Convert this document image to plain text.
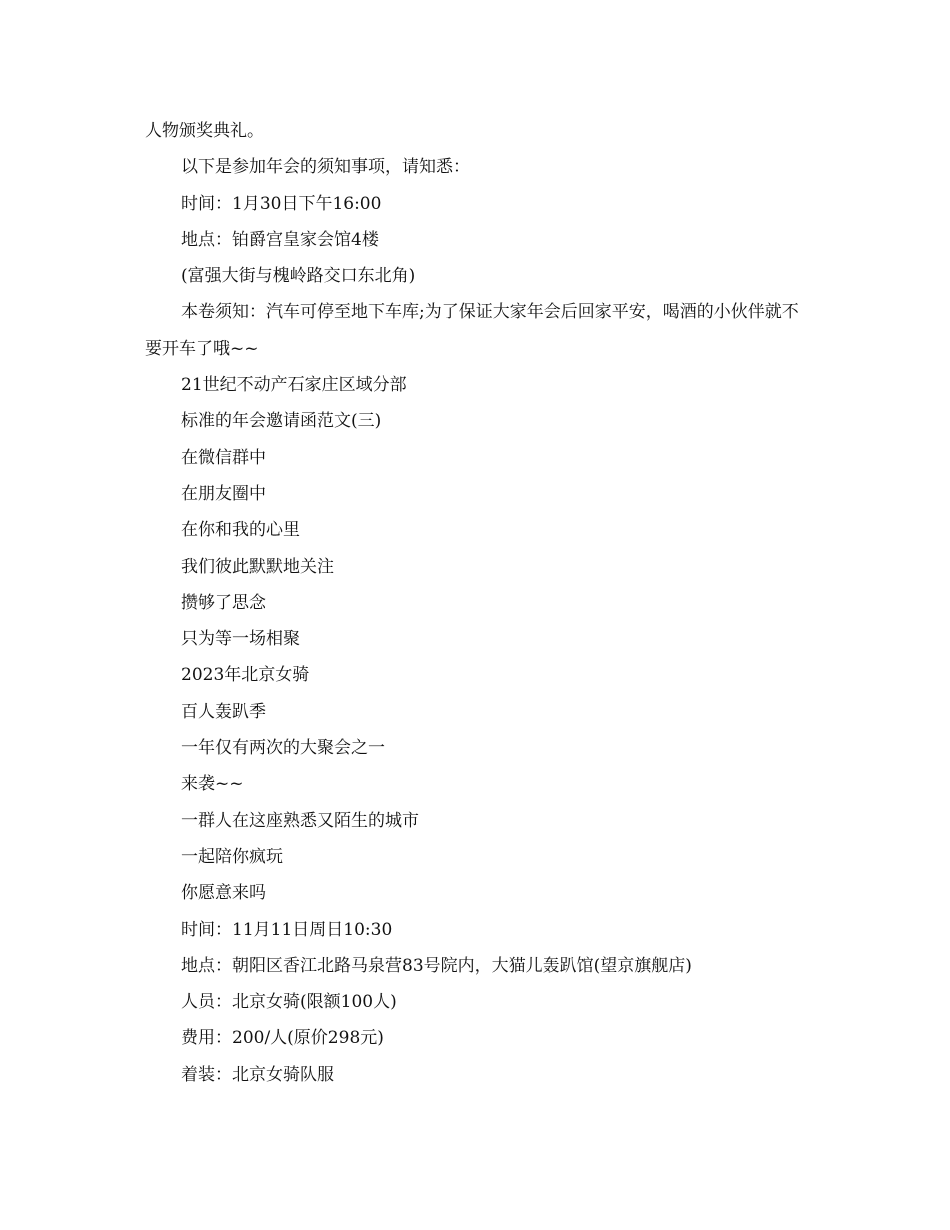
人物颁奖典礼。

以下是参加年会的须知事项，请知悉：

时间：1月30日下午16:00

地点：铂爵宫皇家会馆4楼

(富强大街与槐岭路交口东北角)

本卷须知：汽车可停至地下车库;为了保证大家年会后回家平安，喝酒的小伙伴就不要开车了哦~~

21世纪不动产石家庄区域分部

标准的年会邀请函范文(三)

在微信群中

在朋友圈中

在你和我的心里

我们彼此默默地关注

攒够了思念

只为等一场相聚

2023年北京女骑

百人轰趴季

一年仅有两次的大聚会之一

来袭~~

一群人在这座熟悉又陌生的城市

一起陪你疯玩

你愿意来吗

时间：11月11日周日10:30

地点：朝阳区香江北路马泉营83号院内，大猫儿轰趴馆(望京旗舰店)

人员：北京女骑(限额100人)

费用：200/人(原价298元)

着装：北京女骑队服
